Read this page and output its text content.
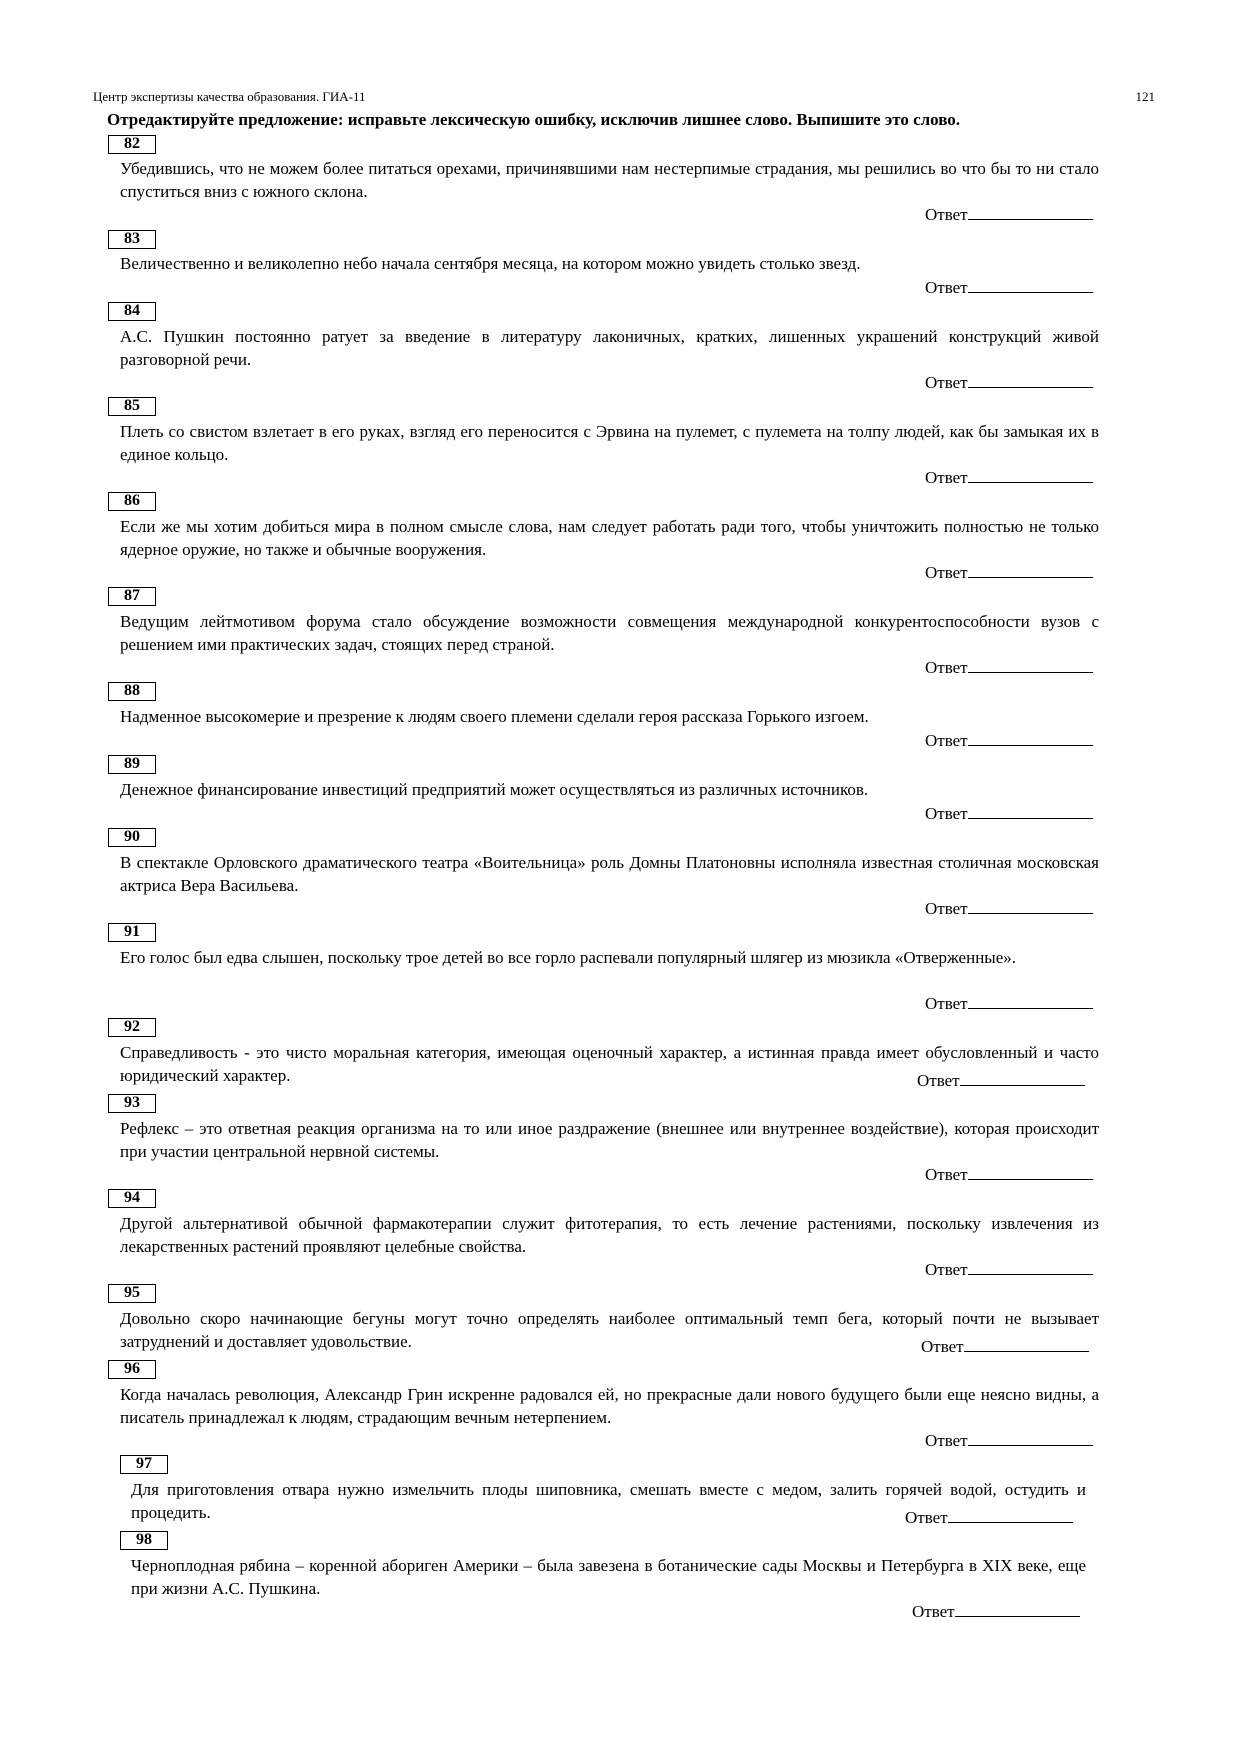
Центр экспертизы качества образования. ГИА-11	121
Отредактируйте предложение: исправьте лексическую ошибку, исключив лишнее слово. Выпишите это слово.
82
Убедившись, что не можем более питаться орехами, причинявшими нам нестерпимые страдания, мы решились во что бы то ни стало спуститься вниз с южного склона.
Ответ
83
Величественно и великолепно небо начала сентября месяца, на котором можно увидеть столько звезд.
Ответ
84
А.С. Пушкин постоянно ратует за введение в литературу лаконичных, кратких, лишенных украшений конструкций живой разговорной речи.
Ответ
85
Плеть со свистом взлетает в его руках, взгляд его переносится с Эрвина на пулемет, с пулемета на толпу людей, как бы замыкая их в единое кольцо.
Ответ
86
Если же мы хотим добиться мира в полном смысле слова, нам следует работать ради того, чтобы уничтожить полностью не только ядерное оружие, но также и обычные вооружения.
Ответ
87
Ведущим лейтмотивом форума стало обсуждение возможности совмещения международной конкурентоспособности вузов с решением ими практических задач, стоящих перед страной.
Ответ
88
Надменное высокомерие и презрение к людям своего племени сделали героя рассказа Горького изгоем.
Ответ
89
Денежное финансирование инвестиций предприятий может осуществляться из различных источников.
Ответ
90
В спектакле Орловского драматического театра «Воительница» роль Домны Платоновны исполняла известная столичная московская актриса Вера Васильева.
Ответ
91
Его голос был едва слышен, поскольку трое детей во все горло распевали популярный шлягер из мюзикла «Отверженные».
Ответ
92
Справедливость - это чисто моральная категория, имеющая оценочный характер, а истинная правда имеет обусловленный и часто юридический характер.	Ответ
93
Рефлекс – это ответная реакция организма на то или иное раздражение (внешнее или внутреннее воздействие), которая происходит при участии центральной нервной системы.
Ответ
94
Другой альтернативой обычной фармакотерапии служит фитотерапия, то есть лечение растениями, поскольку извлечения из лекарственных растений проявляют целебные свойства.
Ответ
95
Довольно скоро начинающие бегуны могут точно определять наиболее оптимальный темп бега, который почти не вызывает затруднений и доставляет удовольствие.	Ответ
96
Когда началась революция, Александр Грин искренне радовался ей, но прекрасные дали нового будущего были еще неясно видны, а писатель принадлежал к людям, страдающим вечным нетерпением.
Ответ
97
Для приготовления отвара нужно измельчить плоды шиповника, смешать вместе с медом, залить горячей водой, остудить и процедить.	Ответ
98
Черноплодная рябина – коренной абориген Америки – была завезена в ботанические сады Москвы и Петербурга в XIX веке, еще при жизни А.С. Пушкина.
Ответ
